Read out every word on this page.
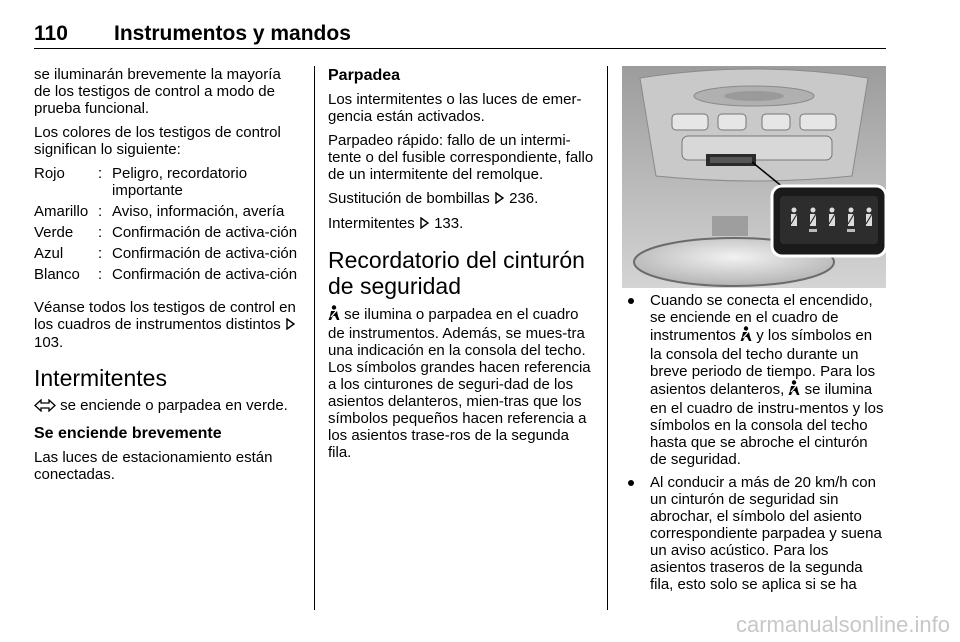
110 Instrumentos y mandos

se iluminarán brevemente la mayoría de los testigos de control a modo de prueba funcional.

Los colores de los testigos de control significan lo siguiente:

Rojo	:	Peligro, recordatorio importante
Amarillo	:	Aviso, información, avería
Verde	:	Confirmación de activa-ción
Azul	:	Confirmación de activa-ción
Blanco	:	Confirmación de activa-ción

Véanse todos los testigos de control en los cuadros de instrumentos distintos  103.

Intermitentes

se enciende o parpadea en verde.

Se enciende brevemente

Las luces de estacionamiento están conectadas.

Parpadea

Los intermitentes o las luces de emer-gencia están activados.

Parpadeo rápido: fallo de un intermi-tente o del fusible correspondiente, fallo de un intermitente del remolque.

Sustitución de bombillas 236.

Intermitentes 133.

Recordatorio del cinturón de seguridad

se ilumina o parpadea en el cuadro de instrumentos. Además, se mues-tra una indicación en la consola del techo. Los símbolos grandes hacen referencia a los cinturones de seguri-dad de los asientos delanteros, mien-tras que los símbolos pequeños hacen referencia a los asientos trase-ros de la segunda fila.

Cuando se conecta el encendido, se enciende en el cuadro de instrumentos y los símbolos en la consola del techo durante un breve periodo de tiempo. Para los asientos delanteros, se ilumina en el cuadro de instru-mentos y los símbolos en la consola del techo hasta que se abroche el cinturón de seguridad.
Al conducir a más de 20 km/h con un cinturón de seguridad sin abrochar, el símbolo del asiento correspondiente parpadea y suena un aviso acústico. Para los asientos traseros de la segunda fila, esto solo se aplica si se ha
carmanualsonline.info
